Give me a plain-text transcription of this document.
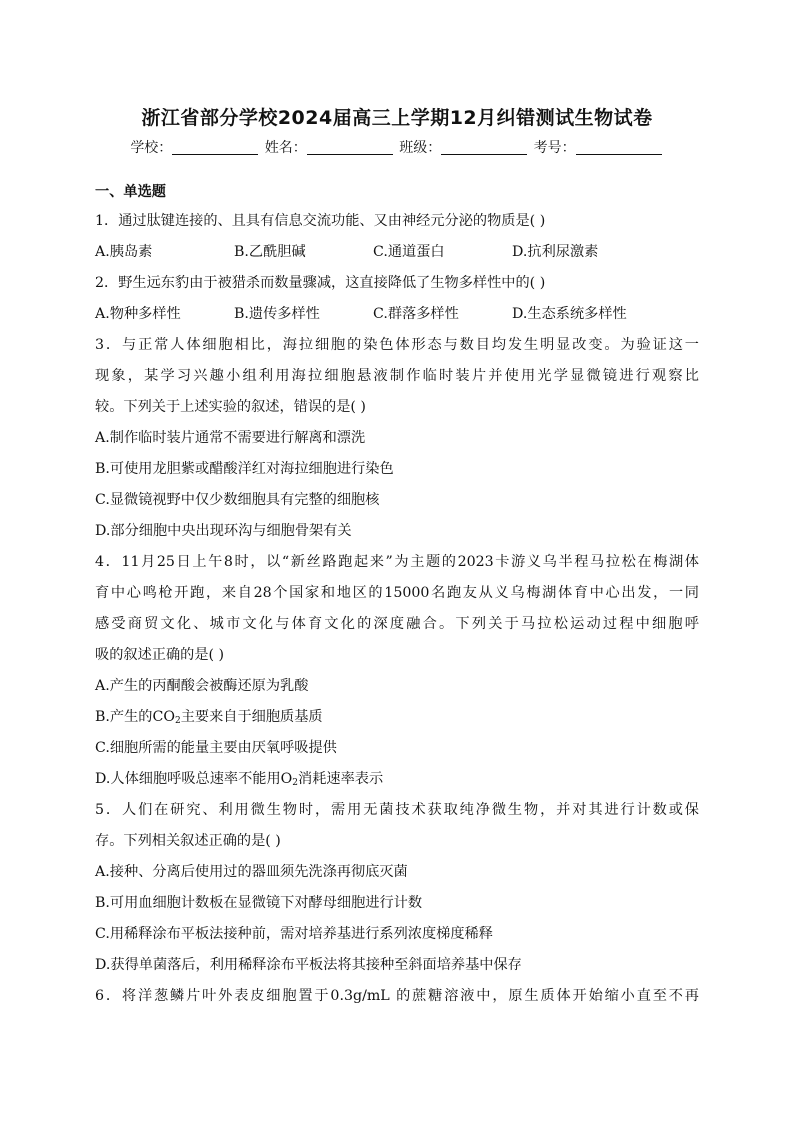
浙江省部分学校2024届高三上学期12月纠错测试生物试卷
学校：	姓名：	班级：	考号：
一、单选题
1．通过肽键连接的、且具有信息交流功能、又由神经元分泌的物质是( )
A.胰岛素	B.乙酰胆碱	C.通道蛋白	D.抗利尿激素
2．野生远东豹由于被猎杀而数量骤减，这直接降低了生物多样性中的( )
A.物种多样性	B.遗传多样性	C.群落多样性	D.生态系统多样性
3．与正常人体细胞相比，海拉细胞的染色体形态与数目均发生明显改变。为验证这一
现象，某学习兴趣小组利用海拉细胞悬液制作临时装片并使用光学显微镜进行观察比
较。下列关于上述实验的叙述，错误的是( )
A.制作临时装片通常不需要进行解离和漂洗
B.可使用龙胆紫或醋酸洋红对海拉细胞进行染色
C.显微镜视野中仅少数细胞具有完整的细胞核
D.部分细胞中央出现环沟与细胞骨架有关
4．11月25日上午8时，以“新丝路跑起来”为主题的2023卡游义乌半程马拉松在梅湖体
育中心鸣枪开跑，来自28个国家和地区的15000名跑友从义乌梅湖体育中心出发，一同
感受商贸文化、城市文化与体育文化的深度融合。下列关于马拉松运动过程中细胞呼
吸的叙述正确的是( )
A.产生的丙酮酸会被酶还原为乳酸
B.产生的$CO_2$主要来自于细胞质基质
C.细胞所需的能量主要由厌氧呼吸提供
D.人体细胞呼吸总速率不能用$O_2$消耗速率表示
5．人们在研究、利用微生物时，需用无菌技术获取纯净微生物，并对其进行计数或保
存。下列相关叙述正确的是( )
A.接种、分离后使用过的器皿须先洗涤再彻底灭菌
B.可用血细胞计数板在显微镜下对酵母细胞进行计数
C.用稀释涂布平板法接种前，需对培养基进行系列浓度梯度稀释
D.获得单菌落后，利用稀释涂布平板法将其接种至斜面培养基中保存
6．将洋葱鳞片叶外表皮细胞置于0.3g/mL 的蔗糖溶液中，原生质体开始缩小直至不再
